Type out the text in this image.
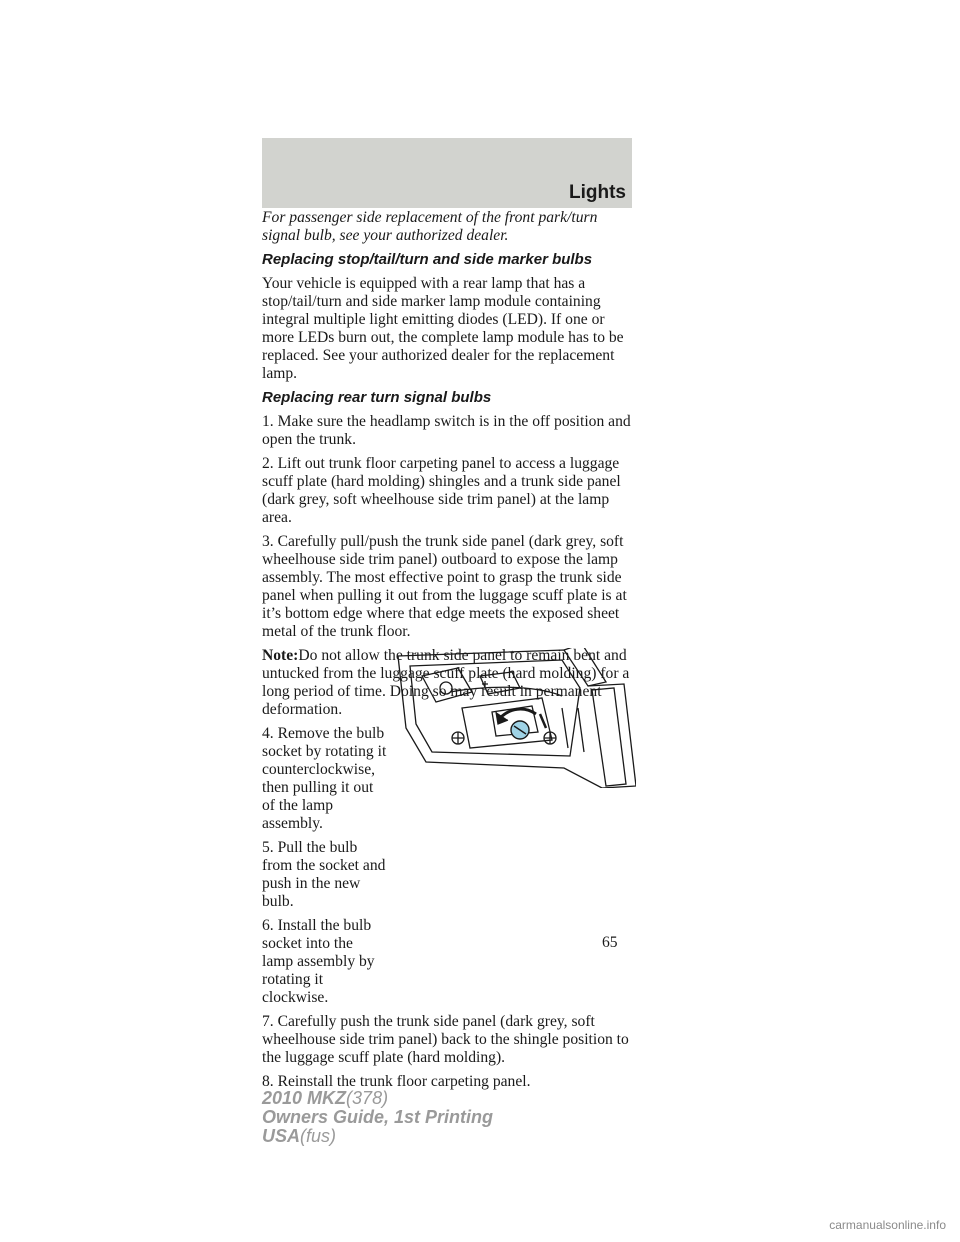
Lights

For passenger side replacement of the front park/turn signal bulb, see your authorized dealer.

Replacing stop/tail/turn and side marker bulbs

Your vehicle is equipped with a rear lamp that has a stop/tail/turn and side marker lamp module containing integral multiple light emitting diodes (LED). If one or more LEDs burn out, the complete lamp module has to be replaced. See your authorized dealer for the replacement lamp.

Replacing rear turn signal bulbs

1. Make sure the headlamp switch is in the off position and open the trunk.

2. Lift out trunk floor carpeting panel to access a luggage scuff plate (hard molding) shingles and a trunk side panel (dark grey, soft wheelhouse side trim panel) at the lamp area.

3. Carefully pull/push the trunk side panel (dark grey, soft wheelhouse side trim panel) outboard to expose the lamp assembly. The most effective point to grasp the trunk side panel when pulling it out from the luggage scuff plate is at it’s bottom edge where that edge meets the exposed sheet metal of the trunk floor.

Note:Do not allow the trunk side panel to remain bent and untucked from the luggage scuff plate (hard molding) for a long period of time. Doing so may result in permanent deformation.

4. Remove the bulb socket by rotating it counterclockwise, then pulling it out of the lamp assembly.

5. Pull the bulb from the socket and push in the new bulb.

6. Install the bulb socket into the lamp assembly by rotating it clockwise.

7. Carefully push the trunk side panel (dark grey, soft wheelhouse side trim panel) back to the shingle position to the luggage scuff plate (hard molding).

8. Reinstall the trunk floor carpeting panel.

65
2010 MKZ(378)
Owners Guide, 1st Printing
USA(fus)
carmanualsonline.info
